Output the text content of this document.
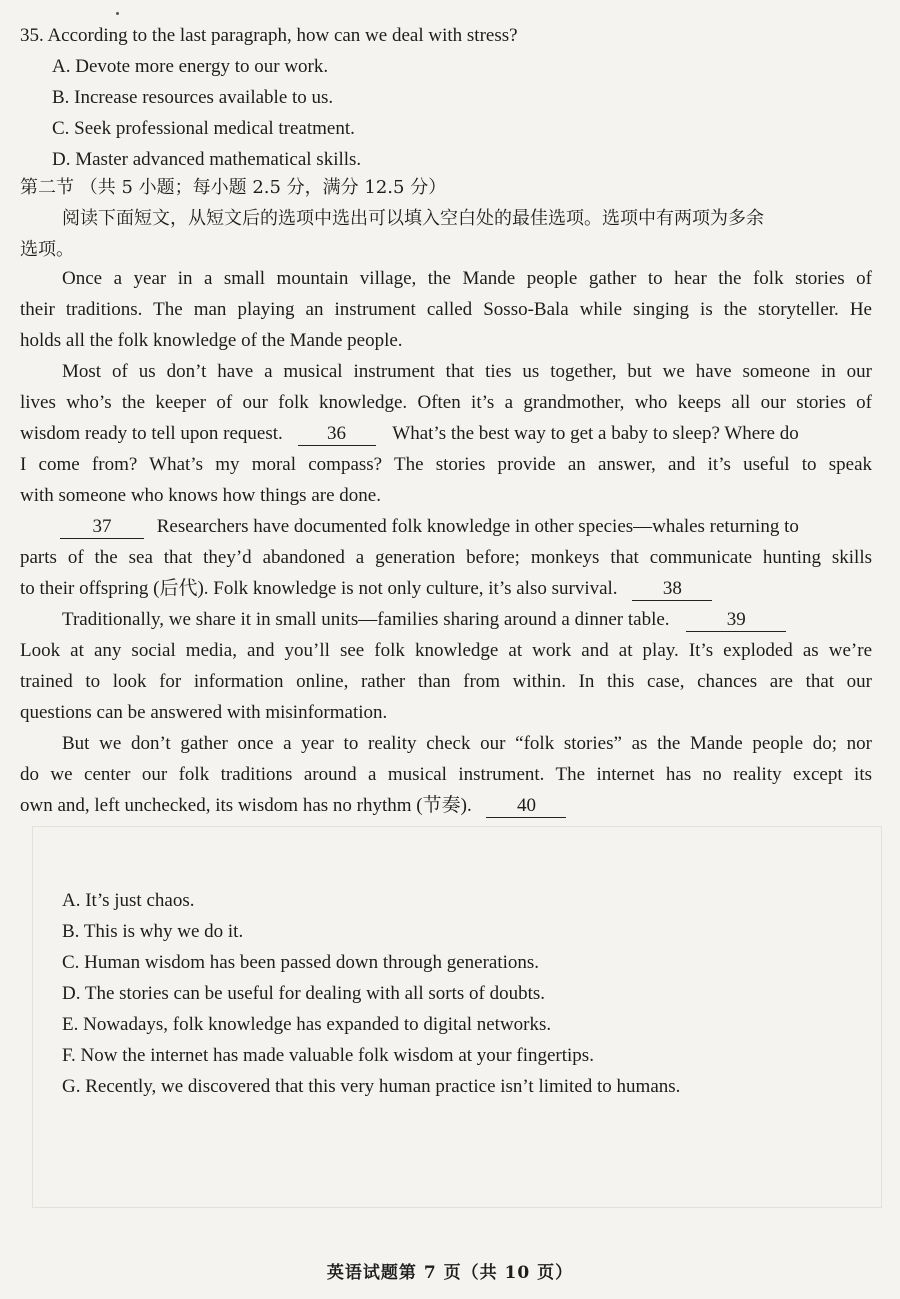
35. According to the last paragraph, how can we deal with stress?
A. Devote more energy to our work.
B. Increase resources available to us.
C. Seek professional medical treatment.
D. Master advanced mathematical skills.
第二节 （共 5 小题；每小题 2.5 分，满分 12.5 分）
阅读下面短文，从短文后的选项中选出可以填入空白处的最佳选项。选项中有两项为多余
选项。
Once a year in a small mountain village, the Mande people gather to hear the folk stories of
their traditions. The man playing an instrument called Sosso-Bala while singing is the storyteller. He
holds all the folk knowledge of the Mande people.
Most of us don’t have a musical instrument that ties us together, but we have someone in our
lives who’s the keeper of our folk knowledge. Often it’s a grandmother, who keeps all our stories of
wisdom ready to tell upon request. 36 What’s the best way to get a baby to sleep? Where do
I come from? What’s my moral compass? The stories provide an answer, and it’s useful to speak
with someone who knows how things are done.
37 Researchers have documented folk knowledge in other species—whales returning to
parts of the sea that they’d abandoned a generation before; monkeys that communicate hunting skills
to their offspring (后代). Folk knowledge is not only culture, it’s also survival. 38
Traditionally, we share it in small units—families sharing around a dinner table.	39
Look at any social media, and you’ll see folk knowledge at work and at play. It’s exploded as we’re
trained to look for information online, rather than from within. In this case, chances are that our
questions can be answered with misinformation.
But we don’t gather once a year to reality check our “folk stories” as the Mande people do; nor
do we center our folk traditions around a musical instrument. The internet has no reality except its
own and, left unchecked, its wisdom has no rhythm (节奏). 40
A. It’s just chaos.
B. This is why we do it.
C. Human wisdom has been passed down through generations.
D. The stories can be useful for dealing with all sorts of doubts.
E. Nowadays, folk knowledge has expanded to digital networks.
F. Now the internet has made valuable folk wisdom at your fingertips.
G. Recently, we discovered that this very human practice isn’t limited to humans.
英语试题第 7 页（共 10 页）
